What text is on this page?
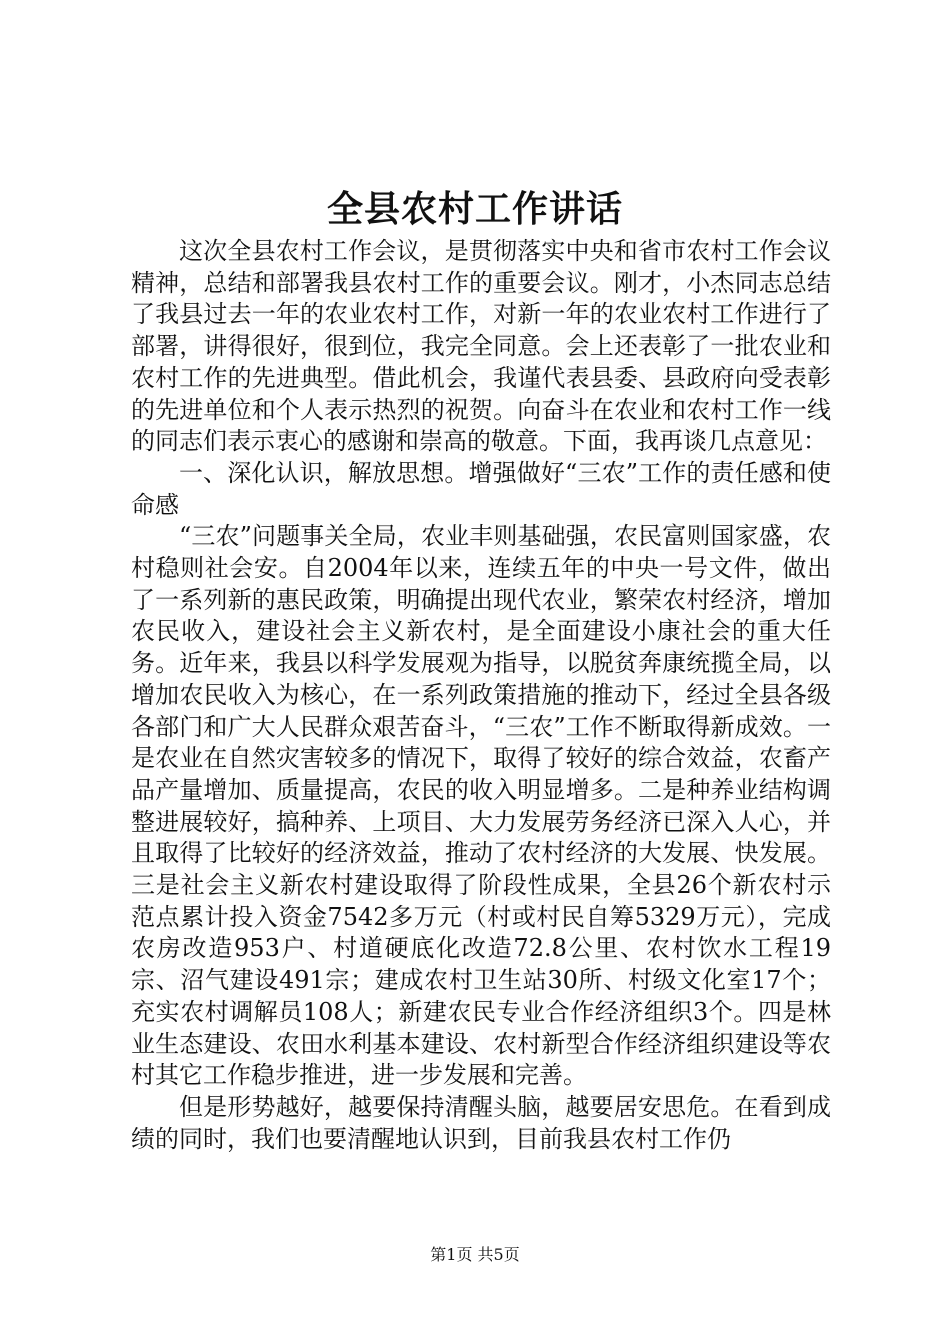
全县农村工作讲话

这次全县农村工作会议，是贯彻落实中央和省市农村工作会议精神，总结和部署我县农村工作的重要会议。刚才，小杰同志总结了我县过去一年的农业农村工作，对新一年的农业农村工作进行了部署，讲得很好，很到位，我完全同意。会上还表彰了一批农业和农村工作的先进典型。借此机会，我谨代表县委、县政府向受表彰的先进单位和个人表示热烈的祝贺。向奋斗在农业和农村工作一线的同志们表示衷心的感谢和崇高的敬意。下面，我再谈几点意见：

一、深化认识，解放思想。增强做好“三农”工作的责任感和使命感

“三农”问题事关全局，农业丰则基础强，农民富则国家盛，农村稳则社会安。自2004年以来，连续五年的中央一号文件，做出了一系列新的惠民政策，明确提出现代农业，繁荣农村经济，增加农民收入，建设社会主义新农村，是全面建设小康社会的重大任务。近年来，我县以科学发展观为指导，以脱贫奔康统揽全局，以增加农民收入为核心，在一系列政策措施的推动下，经过全县各级各部门和广大人民群众艰苦奋斗，“三农”工作不断取得新成效。一是农业在自然灾害较多的情况下，取得了较好的综合效益，农畜产品产量增加、质量提高，农民的收入明显增多。二是种养业结构调整进展较好，搞种养、上项目、大力发展劳务经济已深入人心，并且取得了比较好的经济效益，推动了农村经济的大发展、快发展。三是社会主义新农村建设取得了阶段性成果，全县26个新农村示范点累计投入资金7542多万元（村或村民自筹5329万元），完成农房改造953户、村道硬底化改造72.8公里、农村饮水工程19宗、沼气建设491宗；建成农村卫生站30所、村级文化室17个；充实农村调解员108人；新建农民专业合作经济组织3个。四是林业生态建设、农田水利基本建设、农村新型合作经济组织建设等农村其它工作稳步推进，进一步发展和完善。

但是形势越好，越要保持清醒头脑，越要居安思危。在看到成绩的同时，我们也要清醒地认识到，目前我县农村工作仍

第1页 共5页
